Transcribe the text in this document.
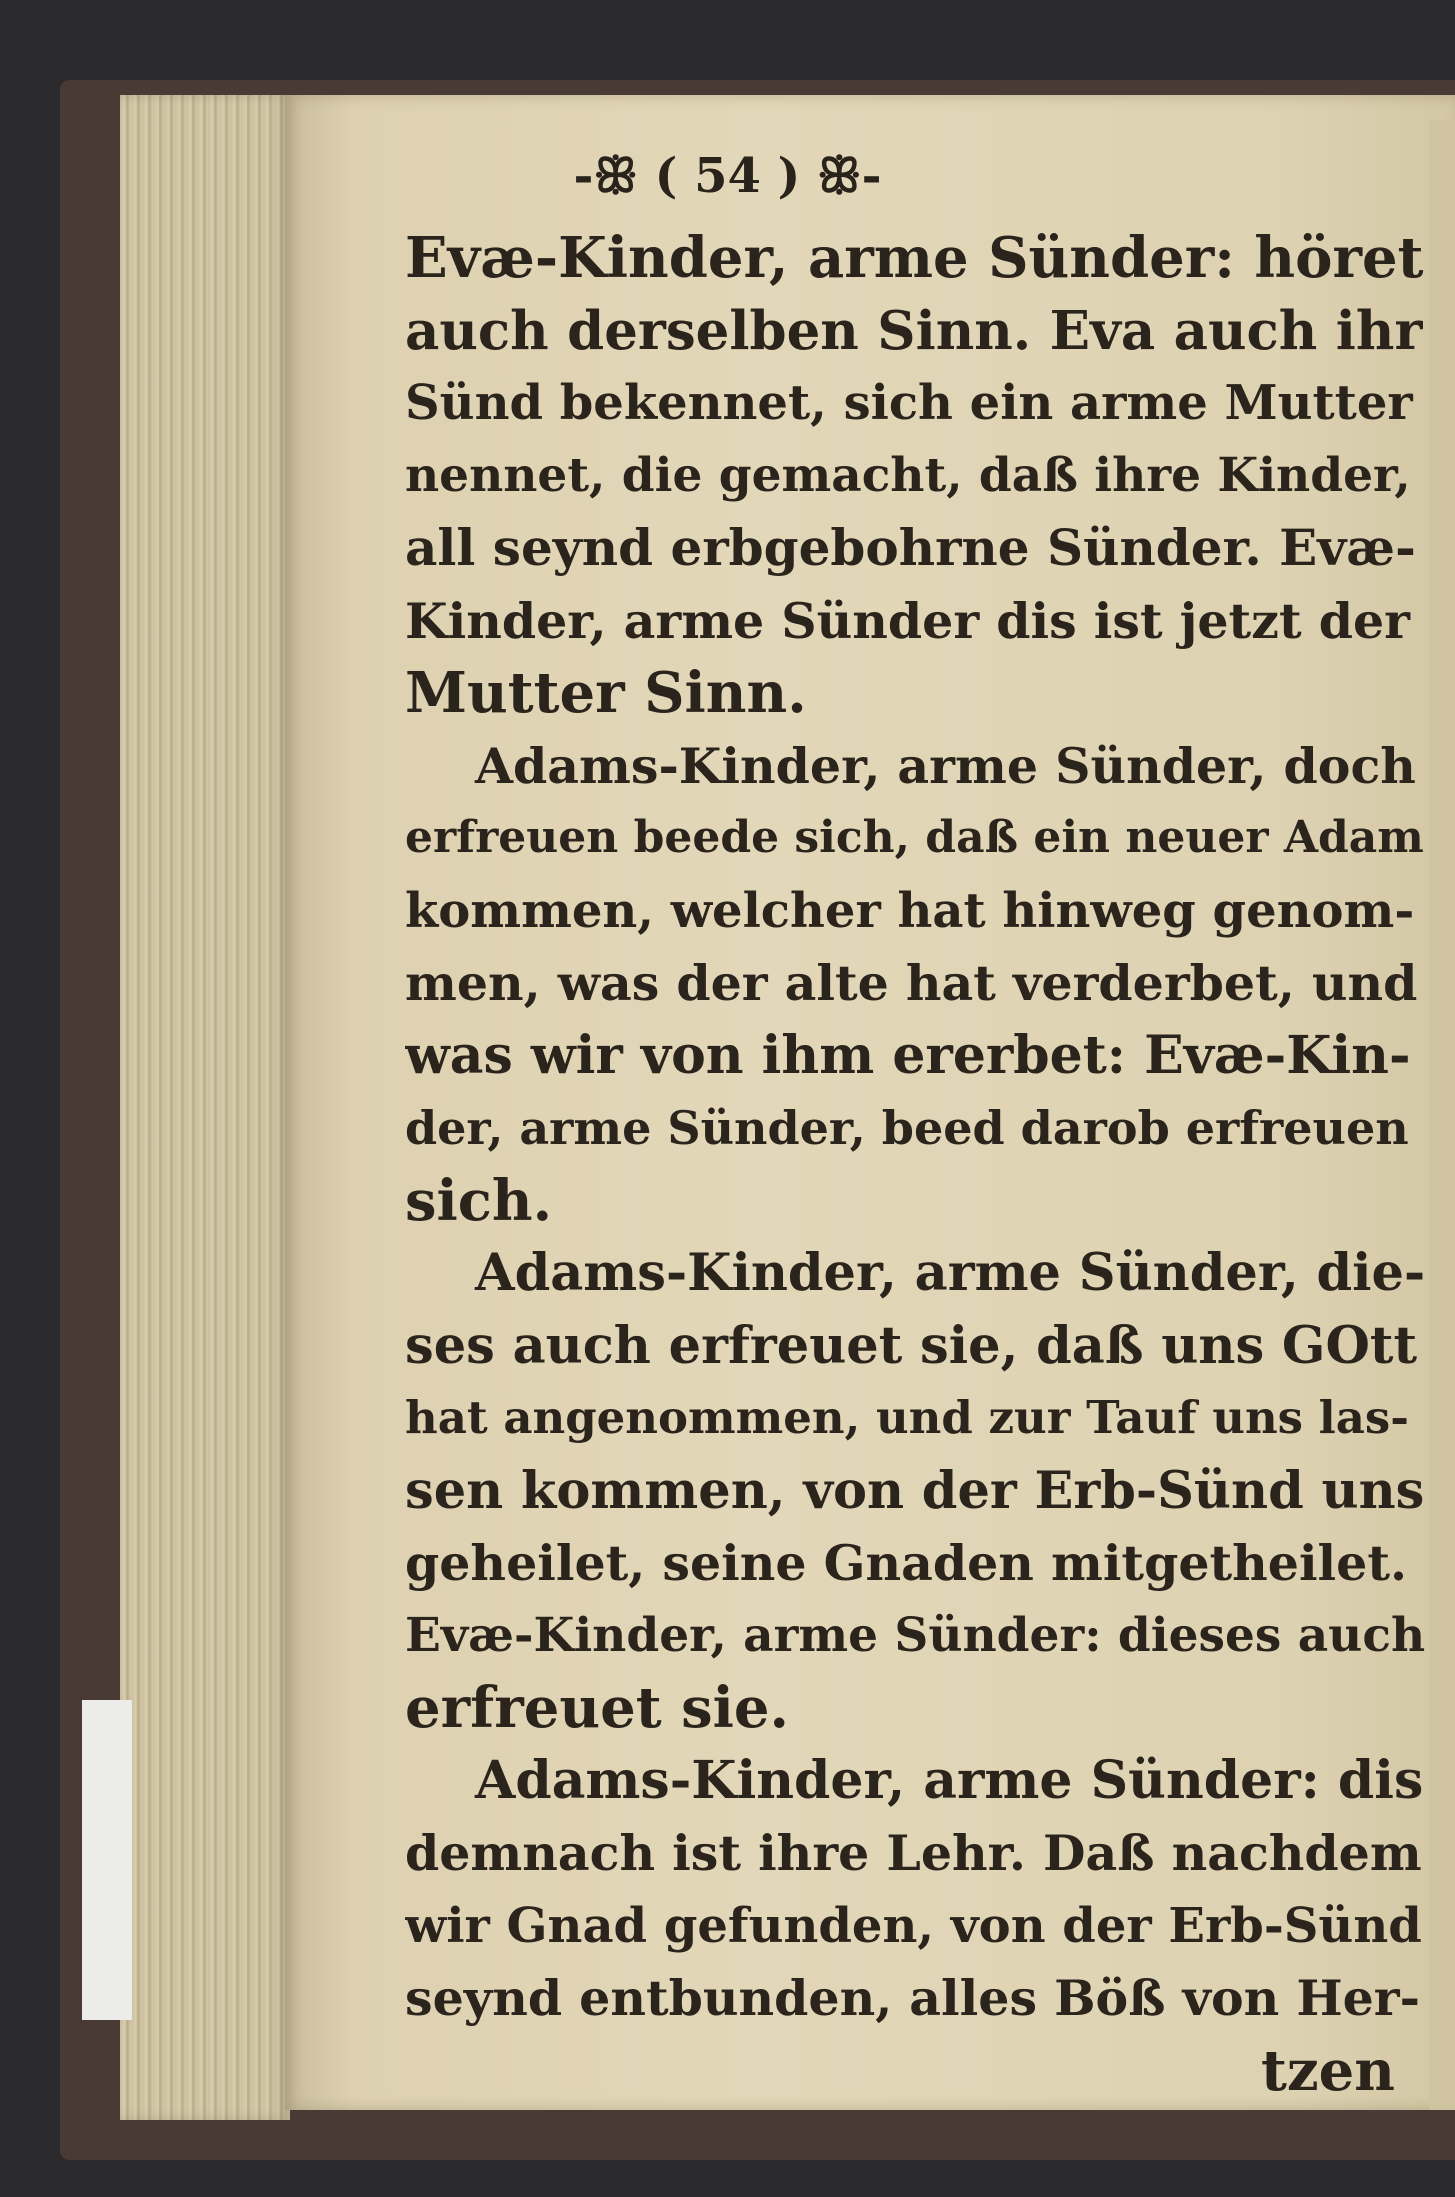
-ꕥ ( 54 ) ꕥ-
Evæ-Kinder, arme Sünder: höret
auch derselben Sinn. Eva auch ihr
Sünd bekennet, sich ein arme Mutter
nennet, die gemacht, daß ihre Kinder,
all seynd erbgebohrne Sünder. Evæ-
Kinder, arme Sünder dis ist jetzt der
Mutter Sinn.
Adams-Kinder, arme Sünder, doch
erfreuen beede sich, daß ein neuer Adam
kommen, welcher hat hinweg genom-
men, was der alte hat verderbet, und
was wir von ihm ererbet: Evæ-Kin-
der, arme Sünder, beed darob erfreuen
sich.
Adams-Kinder, arme Sünder, die-
ses auch erfreuet sie, daß uns GOtt
hat angenommen, und zur Tauf uns las-
sen kommen, von der Erb-Sünd uns
geheilet, seine Gnaden mitgetheilet.
Evæ-Kinder, arme Sünder: dieses auch
erfreuet sie.
Adams-Kinder, arme Sünder: dis
demnach ist ihre Lehr. Daß nachdem
wir Gnad gefunden, von der Erb-Sünd
seynd entbunden, alles Böß von Her-
tzen
